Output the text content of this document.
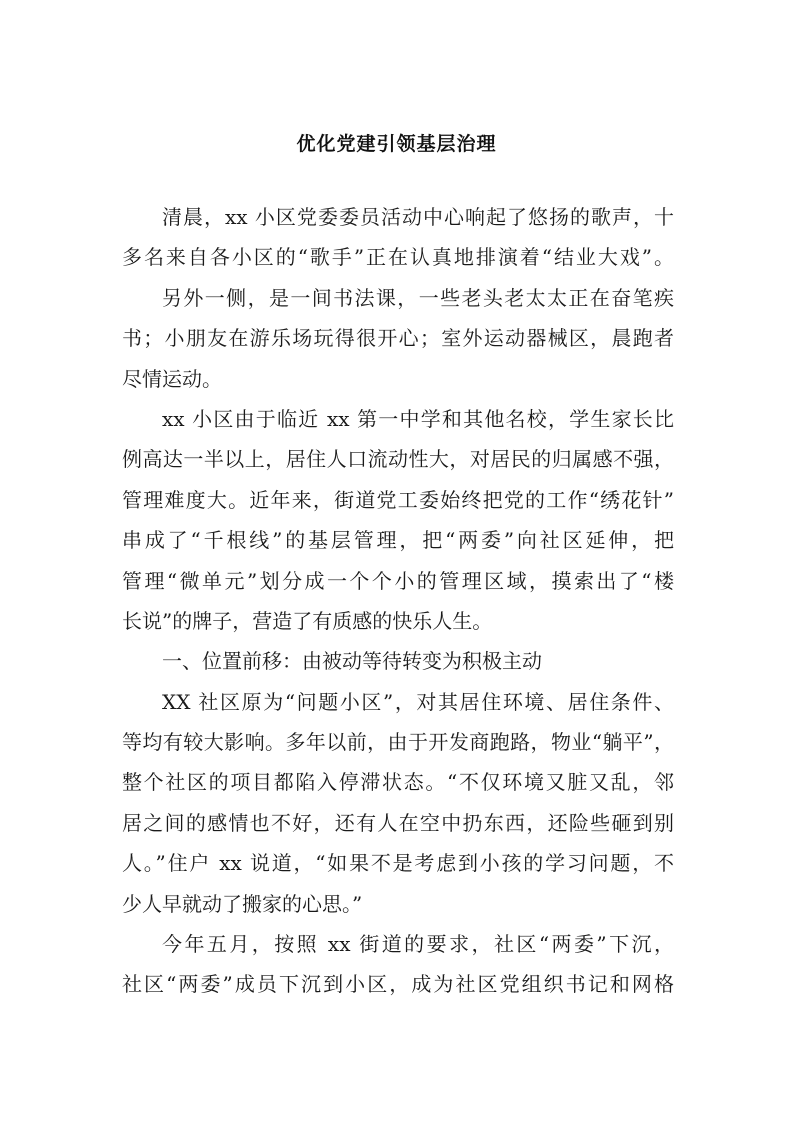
优化党建引领基层治理
清晨，xx 小区党委委员活动中心响起了悠扬的歌声，十
多名来自各小区的“歌手”正在认真地排演着“结业大戏”。
另外一侧，是一间书法课，一些老头老太太正在奋笔疾
书；小朋友在游乐场玩得很开心；室外运动器械区，晨跑者
尽情运动。
xx 小区由于临近 xx 第一中学和其他名校，学生家长比
例高达一半以上，居住人口流动性大，对居民的归属感不强，
管理难度大。近年来，街道党工委始终把党的工作“绣花针”
串成了“千根线”的基层管理，把“两委”向社区延伸，把
管理“微单元”划分成一个个小的管理区域，摸索出了“楼
长说”的牌子，营造了有质感的快乐人生。
一、位置前移：由被动等待转变为积极主动
XX 社区原为“问题小区”，对其居住环境、居住条件、
等均有较大影响。多年以前，由于开发商跑路，物业“躺平”，
整个社区的项目都陷入停滞状态。“不仅环境又脏又乱，邻
居之间的感情也不好，还有人在空中扔东西，还险些砸到别
人。”住户 xx 说道，“如果不是考虑到小孩的学习问题，不
少人早就动了搬家的心思。”
今年五月，按照 xx 街道的要求，社区“两委”下沉，
社区“两委”成员下沉到小区，成为社区党组织书记和网格
